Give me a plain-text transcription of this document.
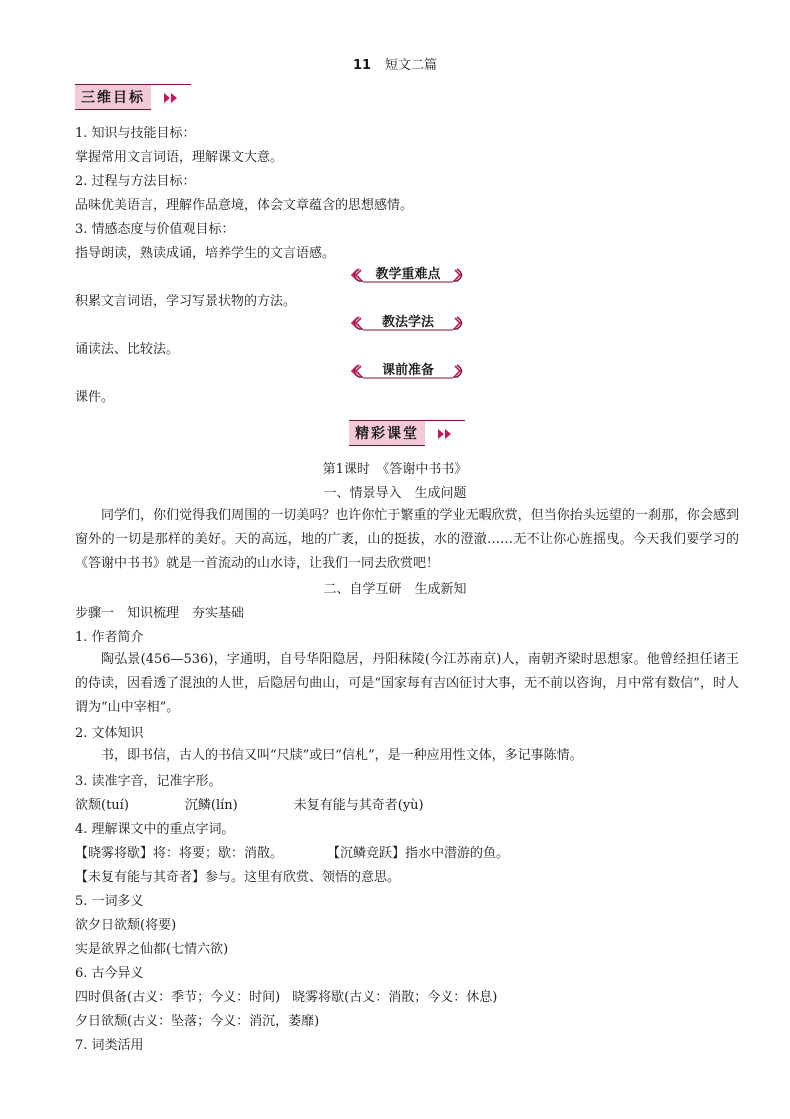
11 短文二篇
三维目标
1. 知识与技能目标：
掌握常用文言词语，理解课文大意。
2. 过程与方法目标：
品味优美语言，理解作品意境，体会文章蕴含的思想感情。
3. 情感态度与价值观目标：
指导朗读，熟读成诵，培养学生的文言语感。
教学重难点
积累文言词语，学习写景状物的方法。
教法学法
诵读法、比较法。
课前准备
课件。
精彩课堂
第1课时　《答谢中书书》
一、情景导入　生成问题
同学们，你们觉得我们周围的一切美吗？也许你忙于繁重的学业无暇欣赏，但当你抬头远望的一刹那，你会感到窗外的一切是那样的美好。天的高远，地的广袤，山的挺拔，水的澄澈……无不让你心旌摇曳。今天我们要学习的《答谢中书书》就是一首流动的山水诗，让我们一同去欣赏吧！
二、自学互研　生成新知
步骤一　知识梳理　夯实基础
1. 作者简介
陶弘景(456—536)，字通明，自号华阳隐居，丹阳秣陵(今江苏南京)人，南朝齐梁时思想家。他曾经担任诸王的侍读，因看透了混浊的人世，后隐居句曲山，可是“国家每有吉凶征讨大事，无不前以咨询，月中常有数信”，时人谓为“山中宰相”。
2. 文体知识
书，即书信，古人的书信又叫“尺牍”或曰“信札”，是一种应用性文体，多记事陈情。
3. 读准字音，记准字形。
欲颓(tuí)	沉鳞(lín)	未复有能与其奇者(yù)
4. 理解课文中的重点字词。
【晓雾将歇】将：将要；歇：消散。	【沉鳞竞跃】指水中潜游的鱼。
【未复有能与其奇者】参与。这里有欣赏、领悟的意思。
5. 一词多义
欲夕日欲颓(将要)
实是欲界之仙都(七情六欲)
6. 古今异义
四时俱备(古义：季节；今义：时间) 晓雾将歇(古义：消散；今义：休息)
夕日欲颓(古义：坠落；今义：消沉，萎靡)
7. 词类活用
